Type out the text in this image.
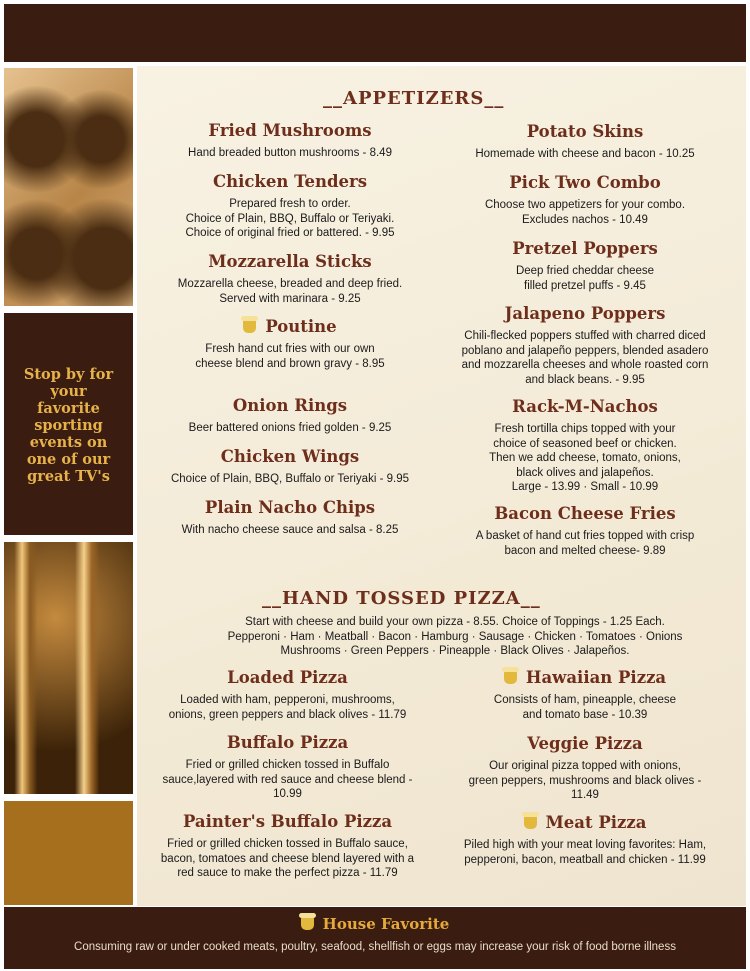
Stop by for
your
favorite
sporting
events on
one of our
great TV's
__APPETIZERS__
Fried Mushrooms
Hand breaded button mushrooms - 8.49
Chicken Tenders
Prepared fresh to order.
Choice of Plain, BBQ, Buffalo or Teriyaki.
Choice of original fried or battered. - 9.95
Mozzarella Sticks
Mozzarella cheese, breaded and deep fried.
Served with marinara - 9.25
Poutine
Fresh hand cut fries with our own
cheese blend and brown gravy - 8.95
Onion Rings
Beer battered onions fried golden - 9.25
Chicken Wings
Choice of Plain, BBQ, Buffalo or Teriyaki - 9.95
Plain Nacho Chips
With nacho cheese sauce and salsa - 8.25
Potato Skins
Homemade with cheese and bacon - 10.25
Pick Two Combo
Choose two appetizers for your combo.
Excludes nachos - 10.49
Pretzel Poppers
Deep fried cheddar cheese
filled pretzel puffs - 9.45
Jalapeno Poppers
Chili-flecked poppers stuffed with charred diced
poblano and jalapeño peppers, blended asadero
and mozzarella cheeses and whole roasted corn
and black beans. - 9.95
Rack-M-Nachos
Fresh tortilla chips topped with your
choice of seasoned beef or chicken.
Then we add cheese, tomato, onions,
black olives and jalapeños.
Large - 13.99 · Small - 10.99
Bacon Cheese Fries
A basket of hand cut fries topped with crisp
bacon and melted cheese- 9.89
__HAND TOSSED PIZZA__
Start with cheese and build your own pizza - 8.55. Choice of Toppings - 1.25 Each.
Pepperoni · Ham · Meatball · Bacon · Hamburg · Sausage · Chicken · Tomatoes · Onions
Mushrooms · Green Peppers · Pineapple · Black Olives · Jalapeños.
Loaded Pizza
Loaded with ham, pepperoni, mushrooms,
onions, green peppers and black olives - 11.79
Buffalo Pizza
Fried or grilled chicken tossed in Buffalo
sauce,layered with red sauce and cheese blend -
10.99
Painter's Buffalo Pizza
Fried or grilled chicken tossed in Buffalo sauce,
bacon, tomatoes and cheese blend layered with a
red sauce to make the perfect pizza - 11.79
Hawaiian Pizza
Consists of ham, pineapple, cheese
and tomato base - 10.39
Veggie Pizza
Our original pizza topped with onions,
green peppers, mushrooms and black olives -
11.49
Meat Pizza
Piled high with your meat loving favorites: Ham,
pepperoni, bacon, meatball and chicken - 11.99
House Favorite
Consuming raw or under cooked meats, poultry, seafood, shellfish or eggs may increase your risk of food borne illness
